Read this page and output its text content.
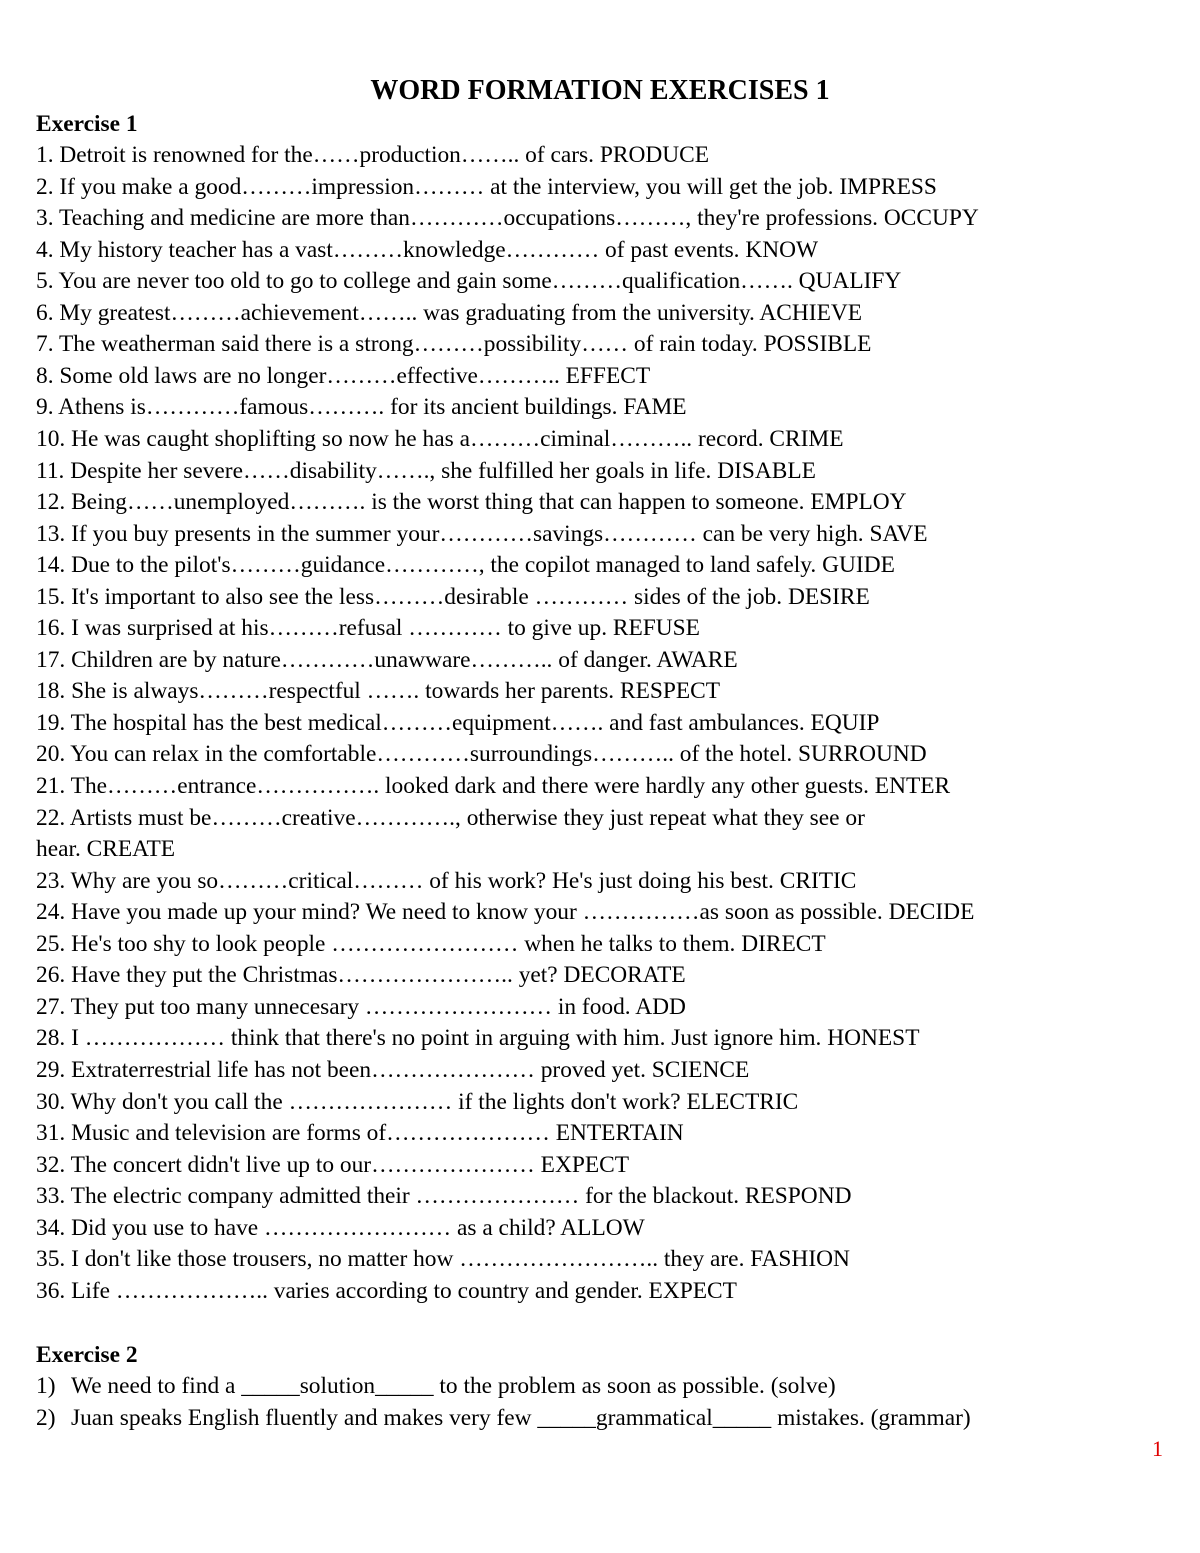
WORD FORMATION EXERCISES 1
Exercise 1
1. Detroit is renowned for the……production…….. of cars. PRODUCE
2. If you make a good………impression……… at the interview, you will get the job. IMPRESS
3. Teaching and medicine are more than…………occupations………, they're professions. OCCUPY
4. My history teacher has a vast………knowledge………… of past events. KNOW
5. You are never too old to go to college and gain some………qualification……. QUALIFY
6. My greatest………achievement…….. was graduating from the university. ACHIEVE
7. The weatherman said there is a strong………possibility…… of rain today. POSSIBLE
8. Some old laws are no longer………effective……….. EFFECT
9. Athens is…………famous………. for its ancient buildings. FAME
10. He was caught shoplifting so now he has a………ciminal……….. record. CRIME
11. Despite her severe……disability……., she fulfilled her goals in life. DISABLE
12. Being……unemployed………. is the worst thing that can happen to someone. EMPLOY
13. If you buy presents in the summer your…………savings………… can be very high. SAVE
14. Due to the pilot's………guidance…………, the copilot managed to land safely. GUIDE
15. It's important to also see the less………desirable ………… sides of the job. DESIRE
16. I was surprised at his………refusal ………… to give up. REFUSE
17. Children are by nature…………unawware……….. of danger. AWARE
18. She is always………respectful ……. towards her parents. RESPECT
19. The hospital has the best medical………equipment……. and fast ambulances. EQUIP
20. You can relax in the comfortable…………surroundings……….. of the hotel. SURROUND
21. The………entrance……………. looked dark and there were hardly any other guests. ENTER
22. Artists must be………creative…………., otherwise they just repeat what they see or
hear. CREATE
23. Why are you so………critical……… of his work? He's just doing his best. CRITIC
24. Have you made up your mind? We need to know your ……………as soon as possible. DECIDE
25. He's too shy to look people …………………… when he talks to them. DIRECT
26. Have they put the Christmas………………….. yet? DECORATE
27. They put too many unnecesary …………………… in food. ADD
28. I ……………… think that there's no point in arguing with him. Just ignore him. HONEST
29. Extraterrestrial life has not been………………… proved yet. SCIENCE
30. Why don't you call the ………………… if the lights don't work? ELECTRIC
31. Music and television are forms of………………… ENTERTAIN
32. The concert didn't live up to our………………… EXPECT
33. The electric company admitted their ………………… for the blackout. RESPOND
34. Did you use to have …………………… as a child? ALLOW
35. I don't like those trousers, no matter how …………………….. they are. FASHION
36. Life ……………….. varies according to country and gender. EXPECT
Exercise 2
1) We need to find a _____solution_____ to the problem as soon as possible. (solve)
2) Juan speaks English fluently and makes very few _____grammatical_____ mistakes. (grammar)
1
